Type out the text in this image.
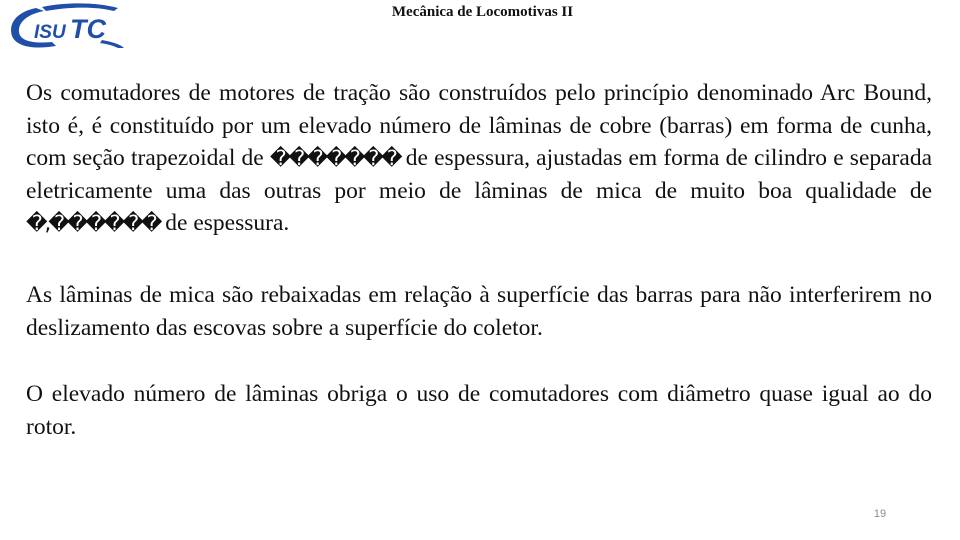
ISU TC
Mecânica de Locomotivas II

Os comutadores de motores de tração são construídos pelo princípio denominado Arc Bound, isto é, é constituído por um elevado número de lâminas de cobre (barras) em forma de cunha, com seção trapezoidal de ������� de espessura, ajustadas em forma de cilindro e separada eletricamente uma das outras por meio de lâminas de mica de muito boa qualidade de �,������ de espessura.

As lâminas de mica são rebaixadas em relação à superfície das barras para não interferirem no deslizamento das escovas sobre a superfície do coletor.

O elevado número de lâminas obriga o uso de comutadores com diâmetro quase igual ao do rotor.

19
